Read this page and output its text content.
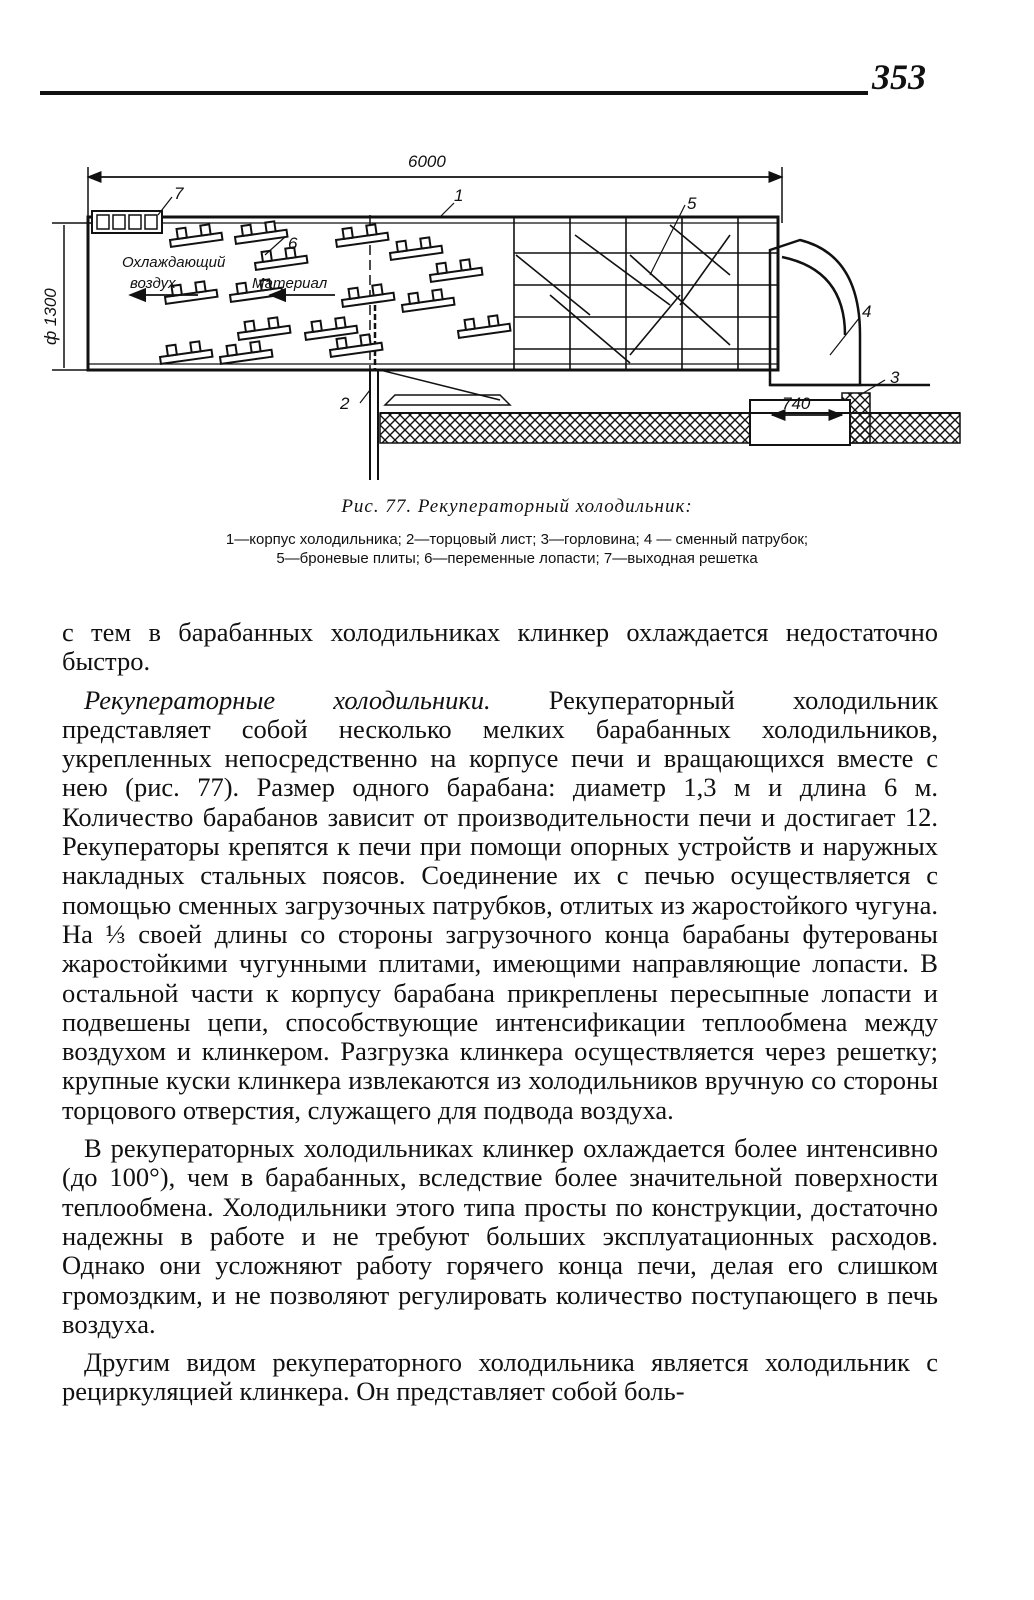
353
6000
ф 1300
Охлаждающий
воздух	Материал
740
1
2
3
4
5
6
7
Рис. 77. Рекуператорный холодильник:
1—корпус холодильника; 2—торцовый лист; 3—горловина; 4 — сменный патрубок;
5—броневые плиты; 6—переменные лопасти; 7—выходная решетка

с тем в барабанных холодильниках клинкер охлаждается недостаточно быстро.

Рекуператорные холодильники. Рекуператорный холодильник представляет собой несколько мелких барабанных холодильников, укрепленных непосредственно на корпусе печи и вращающихся вместе с нею (рис. 77). Размер одного барабана: диаметр 1,3 м и длина 6 м. Количество барабанов зависит от производительности печи и достигает 12. Рекуператоры крепятся к печи при помощи опорных устройств и наружных накладных стальных поясов. Соединение их с печью осуществляется с помощью сменных загрузочных патрубков, отлитых из жаростойкого чугуна. На ⅓ своей длины со стороны загрузочного конца барабаны футерованы жаростойкими чугунными плитами, имеющими направляющие лопасти. В остальной части к корпусу барабана прикреплены пересыпные лопасти и подвешены цепи, способствующие интенсификации теплообмена между воздухом и клинкером. Разгрузка клинкера осуществляется через решетку; крупные куски клинкера извлекаются из холодильников вручную со стороны торцового отверстия, служащего для подвода воздуха.

В рекуператорных холодильниках клинкер охлаждается более интенсивно (до 100°), чем в барабанных, вследствие более значительной поверхности теплообмена. Холодильники этого типа просты по конструкции, достаточно надежны в работе и не требуют больших эксплуатационных расходов. Однако они усложняют работу горячего конца печи, делая его слишком громоздким, и не позволяют регулировать количество поступающего в печь воздуха.

Другим видом рекуператорного холодильника является холодильник с рециркуляцией клинкера. Он представляет собой боль-
